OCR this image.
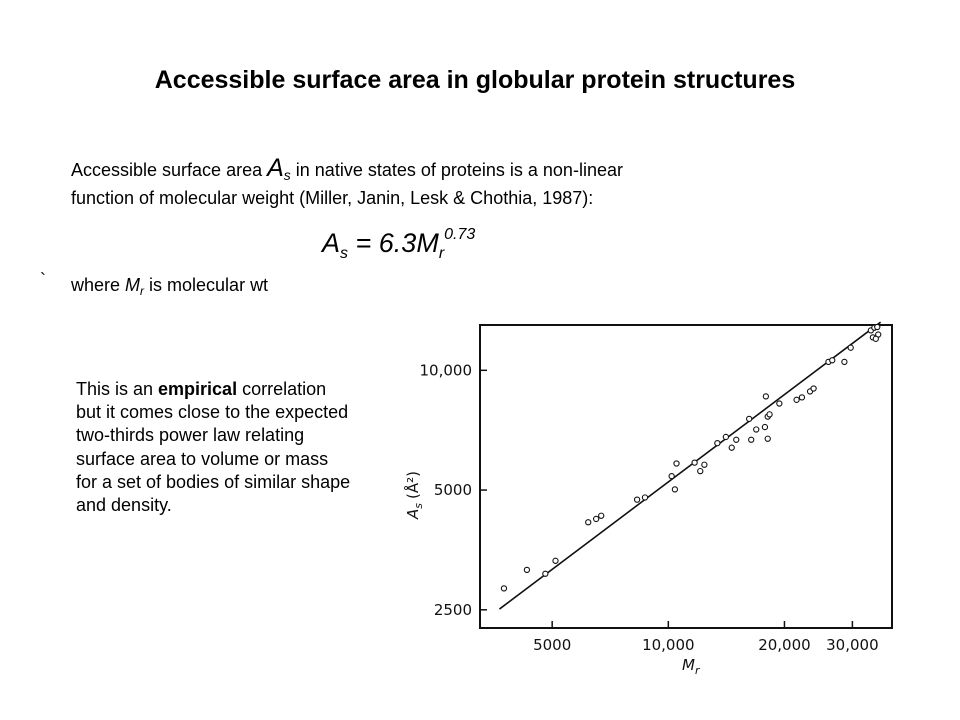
Accessible surface area in globular protein structures
Accessible surface area $A_s$ in native states of proteins is a non-linear
function of molecular weight (Miller, Janin, Lesk & Chothia, 1987):
$A_s = 6.3M_r^{0.73}$
` where $M_r$ is molecular wt
This is an empirical correlation but it comes close to the expected two-thirds power law relating surface area to volume or mass for a set of bodies of similar shape and density.
5000	10,000	20,000 30,000
2500
5000
10,000
$M_r$
$A_s(Å^2)$
